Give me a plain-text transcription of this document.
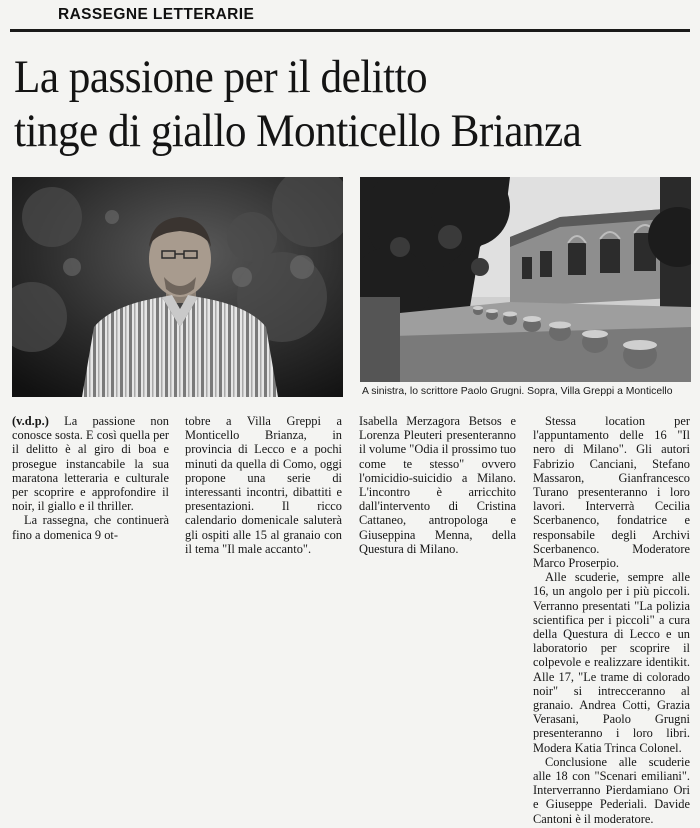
RASSEGNE LETTERARIE
La passione per il delitto
tinge di giallo Monticello Brianza
A sinistra, lo scrittore Paolo Grugni. Sopra, Villa Greppi a Monticello

(v.d.p.) La passione non conosce sosta. E così quella per il delitto è al giro di boa e prosegue instancabile la sua maratona letteraria e culturale per scoprire e approfondire il noir, il giallo e il thriller.

La rassegna, che continuerà fino a domenica 9 ot-

tobre a Villa Greppi a Monticello Brianza, in provincia di Lecco e a pochi minuti da quella di Como, oggi propone una serie di interessanti incontri, dibattiti e presentazioni. Il ricco calendario domenicale saluterà gli ospiti alle 15 al granaio con il tema "Il male accanto".

Isabella Merzagora Betsos e Lorenza Pleuteri presenteranno il volume "Odia il prossimo tuo come te stesso" ovvero l'omicidio-suicidio a Milano. L'incontro è arricchito dall'intervento di Cristina Cattaneo, antropologa e Giuseppina Menna, della Questura di Milano.

Stessa location per l'appuntamento delle 16 "Il nero di Milano". Gli autori Fabrizio Canciani, Stefano Massaron, Gianfrancesco Turano presenteranno i loro lavori. Interverrà Cecilia Scerbanenco, fondatrice e responsabile degli Archivi Scerbanenco. Moderatore Marco Proserpio.

Alle scuderie, sempre alle 16, un angolo per i più piccoli. Verranno presentati "La polizia scientifica per i piccoli" a cura della Questura di Lecco e un laboratorio per scoprire il colpevole e realizzare identikit. Alle 17, "Le trame di colorado noir" si intrecceranno al granaio. Andrea Cotti, Grazia Verasani, Paolo Grugni presenteranno i loro libri. Modera Katia Trinca Colonel.

Conclusione alle scuderie alle 18 con "Scenari emiliani". Interverranno Pierdamiano Ori e Giuseppe Pederiali. Davide Cantoni è il moderatore.
